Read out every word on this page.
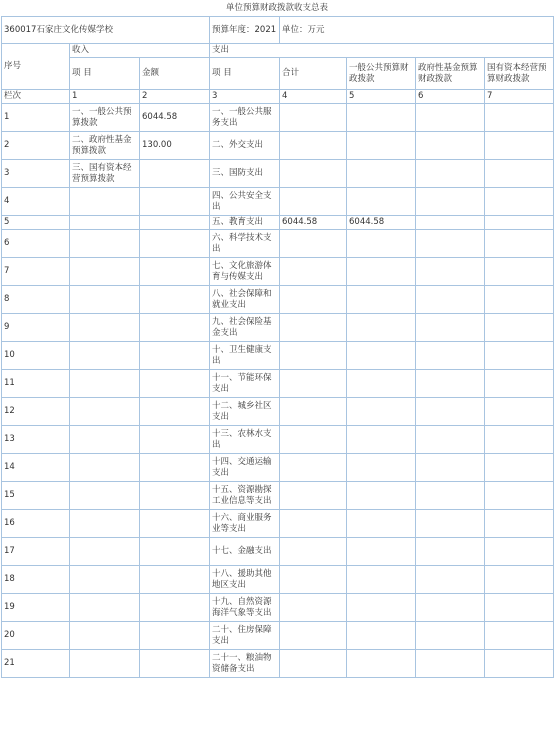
单位预算财政拨款收支总表
360017石家庄文化传媒学校			预算年度：2021	单位：万元			
序号	收入		支出				
	项 目	金额	项 目	合计	一般公共预算财政拨款	政府性基金预算财政拨款	国有资本经营预算财政拨款
栏次	1	2	3	4	5	6	7
1	一、一般公共预算拨款	6044.58	一、一般公共服务支出				
2	二、政府性基金预算拨款	130.00	二、外交支出				
3	三、国有资本经营预算拨款		三、国防支出				
4			四、公共安全支出				
5			五、教育支出	6044.58	6044.58		
6			六、科学技术支出				
7			七、文化旅游体育与传媒支出				
8			八、社会保障和就业支出				
9			九、社会保险基金支出				
10			十、卫生健康支出				
11			十一、节能环保支出				
12			十二、城乡社区支出				
13			十三、农林水支出				
14			十四、交通运输支出				
15			十五、资源勘探工业信息等支出				
16			十六、商业服务业等支出				
17			十七、金融支出				
18			十八、援助其他地区支出				
19			十九、自然资源海洋气象等支出				
20			二十、住房保障支出				
21			二十一、粮油物资储备支出				
